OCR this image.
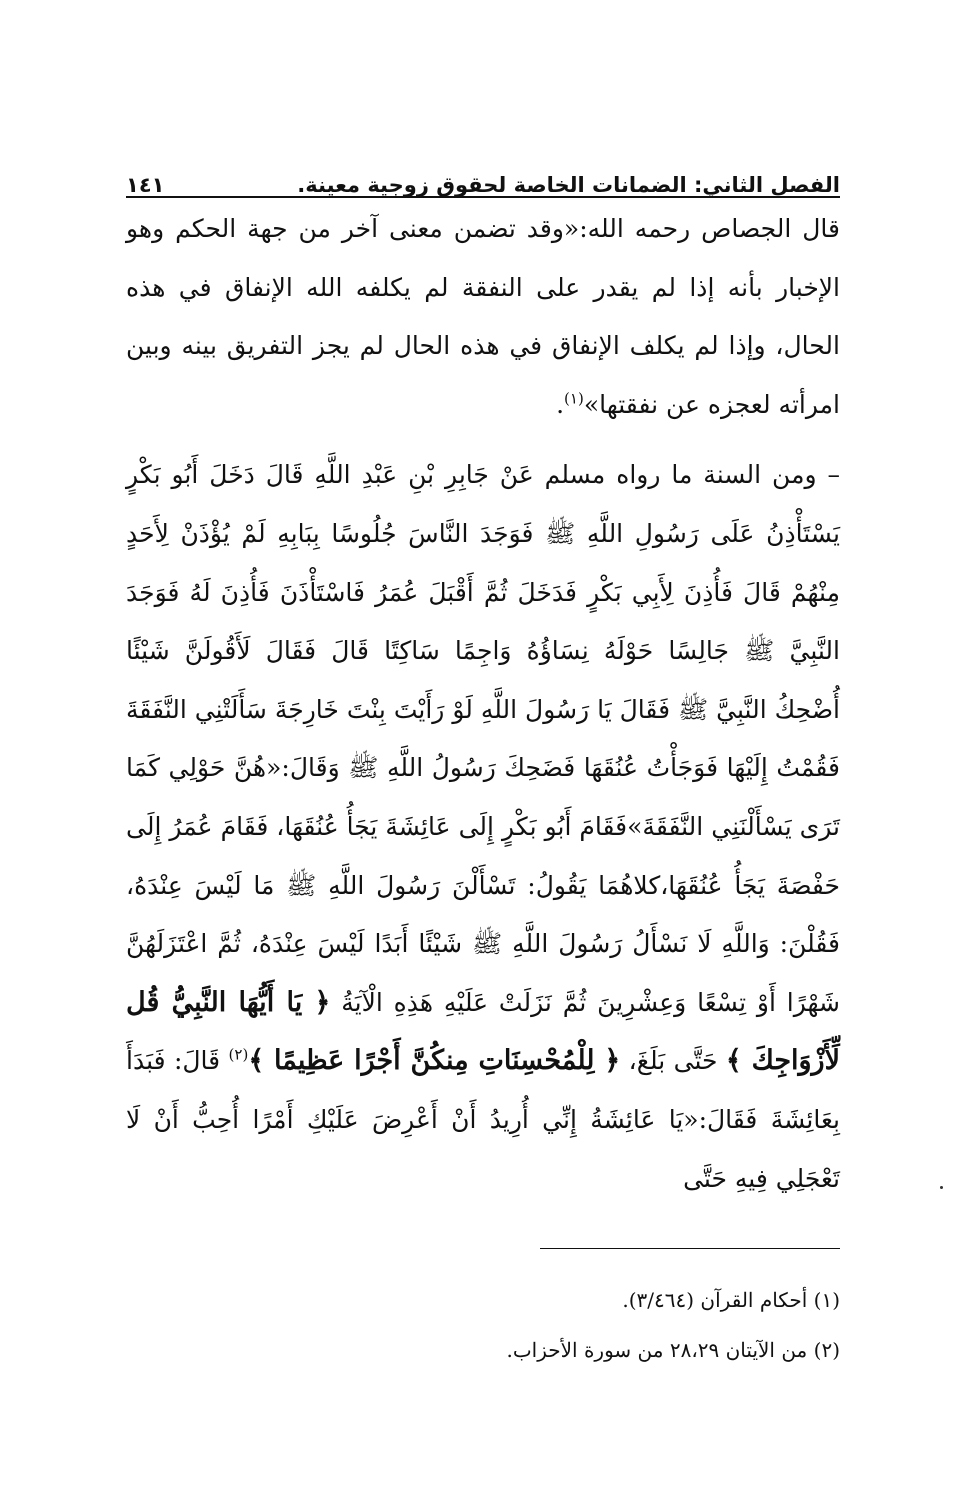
الفصل الثاني: الضمانات الخاصة لحقوق زوجية معينة.
١٤١

قال الجصاص رحمه الله:«وقد تضمن معنى آخر من جهة الحكم وهو الإخبار بأنه إذا لم يقدر على النفقة لم يكلفه الله الإنفاق في هذه الحال، وإذا لم يكلف الإنفاق في هذه الحال لم يجز التفريق بينه وبين امرأته لعجزه عن نفقتها»$^{(١)}$.

– ومن السنة ما رواه مسلم عَنْ جَابِرِ بْنِ عَبْدِ اللَّهِ قَالَ دَخَلَ أَبُو بَكْرٍ يَسْتَأْذِنُ عَلَى رَسُولِ اللَّهِ ﷺ فَوَجَدَ النَّاسَ جُلُوسًا بِبَابِهِ لَمْ يُؤْذَنْ لِأَحَدٍ مِنْهُمْ قَالَ فَأُذِنَ لِأَبِي بَكْرٍ فَدَخَلَ ثُمَّ أَقْبَلَ عُمَرُ فَاسْتَأْذَنَ فَأُذِنَ لَهُ فَوَجَدَ النَّبِيَّ ﷺ جَالِسًا حَوْلَهُ نِسَاؤُهُ وَاجِمًا سَاكِتًا قَالَ فَقَالَ لَأَقُولَنَّ شَيْئًا أُضْحِكُ النَّبِيَّ ﷺ فَقَالَ يَا رَسُولَ اللَّهِ لَوْ رَأَيْتَ بِنْتَ خَارِجَةَ سَأَلَتْنِي النَّفَقَةَ فَقُمْتُ إِلَيْهَا فَوَجَأْتُ عُنُقَهَا فَضَحِكَ رَسُولُ اللَّهِ ﷺ وَقَالَ:«هُنَّ حَوْلِي كَمَا تَرَى يَسْأَلْنَنِي النَّفَقَةَ»فَقَامَ أَبُو بَكْرٍ إِلَى عَائِشَةَ يَجَأُ عُنُقَهَا، فَقَامَ عُمَرُ إِلَى حَفْصَةَ يَجَأُ عُنُقَهَا،كلاهُمَا يَقُولُ: تَسْأَلْنَ رَسُولَ اللَّهِ ﷺ مَا لَيْسَ عِنْدَهُ، فَقُلْنَ: وَاللَّهِ لَا نَسْأَلُ رَسُولَ اللَّهِ ﷺ شَيْئًا أَبَدًا لَيْسَ عِنْدَهُ، ثُمَّ اعْتَزَلَهُنَّ شَهْرًا أَوْ تِسْعًا وَعِشْرِينَ ثُمَّ نَزَلَتْ عَلَيْهِ هَذِهِ الْآيَةُ ﴿ يَا أَيُّهَا النَّبِيُّ قُل لِّأَزْوَاجِكَ ﴾ حَتَّى بَلَغَ، ﴿ لِلْمُحْسِنَاتِ مِنكُنَّ أَجْرًا عَظِيمًا ﴾$^{(٢)}$ قَالَ: فَبَدَأَ بِعَائِشَةَ فَقَالَ:«يَا عَائِشَةُ إِنِّي أُرِيدُ أَنْ أَعْرِضَ عَلَيْكِ أَمْرًا أُحِبُّ أَنْ لَا تَعْجَلِي فِيهِ حَتَّى

(١) أحكام القرآن (٣/٤٦٤).

(٢) من الآيتان ٢٨،٢٩ من سورة الأحزاب.
